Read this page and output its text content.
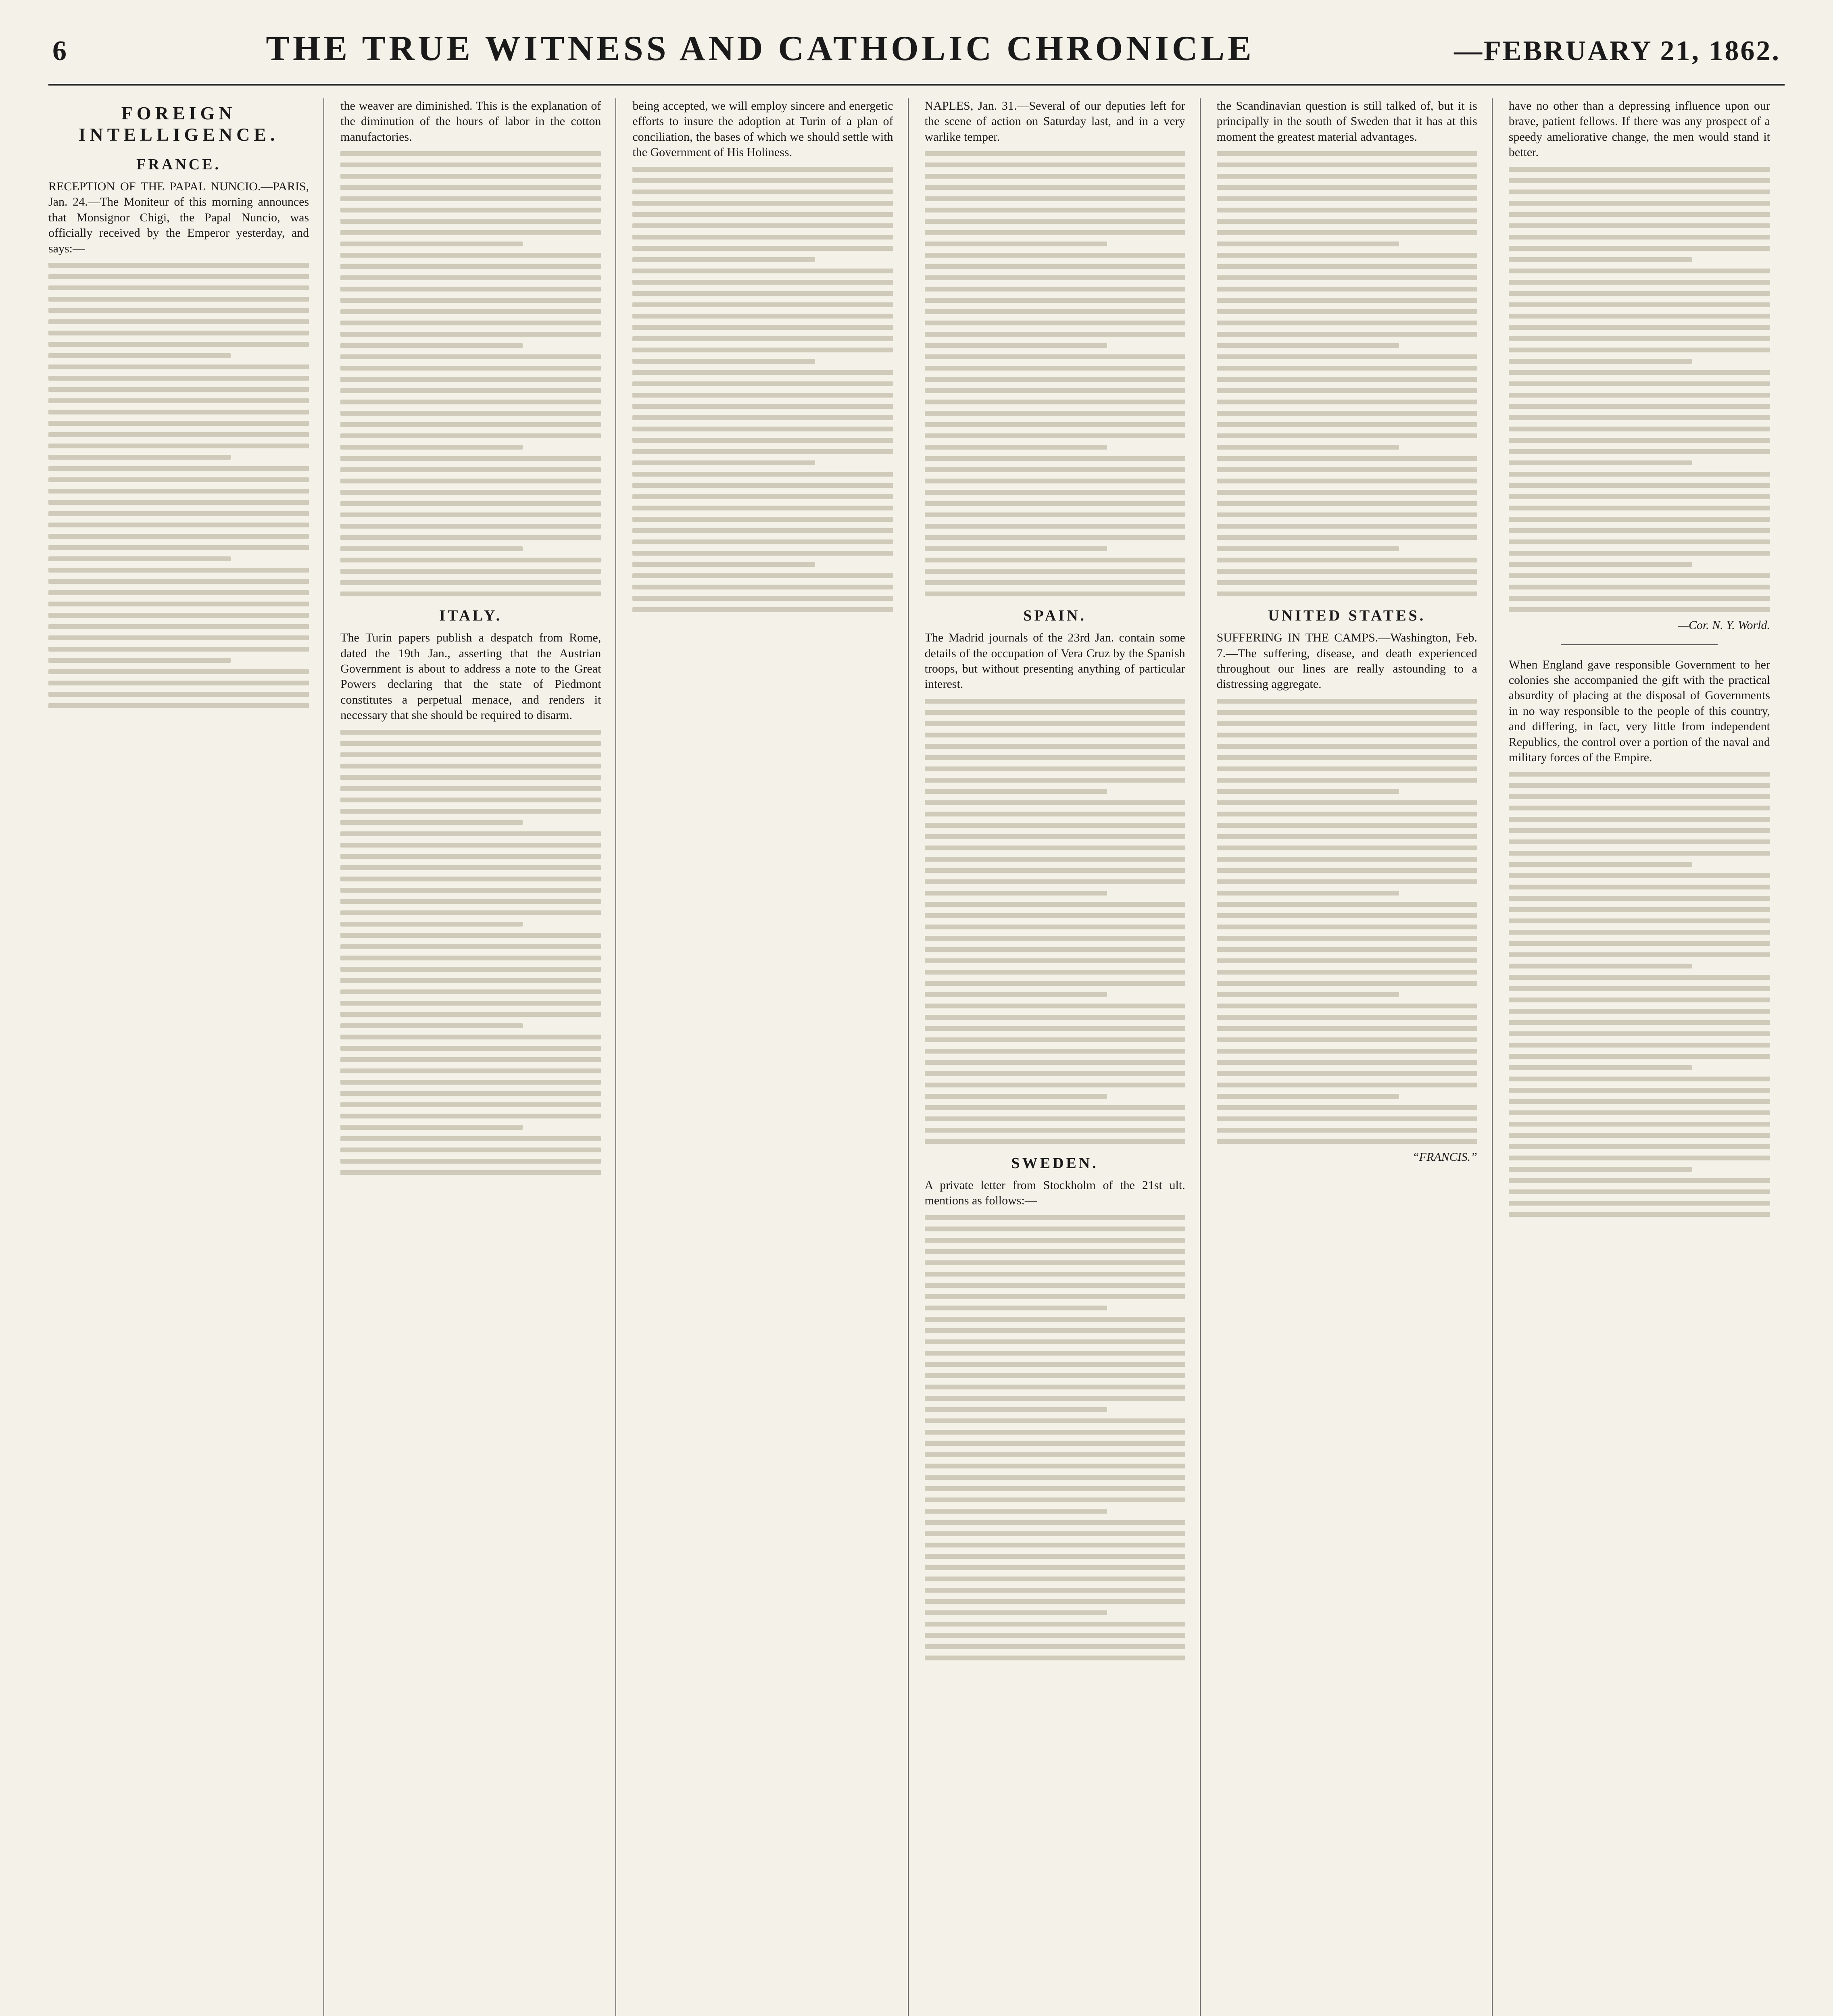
6	THE TRUE WITNESS AND CATHOLIC CHRONICLE	—FEBRUARY 21, 1862.
FOREIGN INTELLIGENCE.
FRANCE.

RECEPTION OF THE PAPAL NUNCIO.—PARIS, Jan. 24.—The Moniteur of this morning announces that Monsignor Chigi, the Papal Nuncio, was officially received by the Emperor yesterday, and says:—

the weaver are diminished. This is the explanation of the diminution of the hours of labor in the cotton manufactories.

ITALY.

The Turin papers publish a despatch from Rome, dated the 19th Jan., asserting that the Austrian Government is about to address a note to the Great Powers declaring that the state of Piedmont constitutes a perpetual menace, and renders it necessary that she should be required to disarm.

being accepted, we will employ sincere and energetic efforts to insure the adoption at Turin of a plan of conciliation, the bases of which we should settle with the Government of His Holiness.

NAPLES, Jan. 31.—Several of our deputies left for the scene of action on Saturday last, and in a very warlike temper.

SPAIN.

The Madrid journals of the 23rd Jan. contain some details of the occupation of Vera Cruz by the Spanish troops, but without presenting anything of particular interest.

SWEDEN.

A private letter from Stockholm of the 21st ult. mentions as follows:—

the Scandinavian question is still talked of, but it is principally in the south of Sweden that it has at this moment the greatest material advantages.

UNITED STATES.

SUFFERING IN THE CAMPS.—Washington, Feb. 7.—The suffering, disease, and death experienced throughout our lines are really astounding to a distressing aggregate.

“FRANCIS.”

have no other than a depressing influence upon our brave, patient fellows. If there was any prospect of a speedy ameliorative change, the men would stand it better.

—Cor. N. Y. World.

When England gave responsible Government to her colonies she accompanied the gift with the practical absurdity of placing at the disposal of Governments in no way responsible to the people of this country, and differing, in fact, very little from independent Republics, the control over a portion of the naval and military forces of the Empire.
